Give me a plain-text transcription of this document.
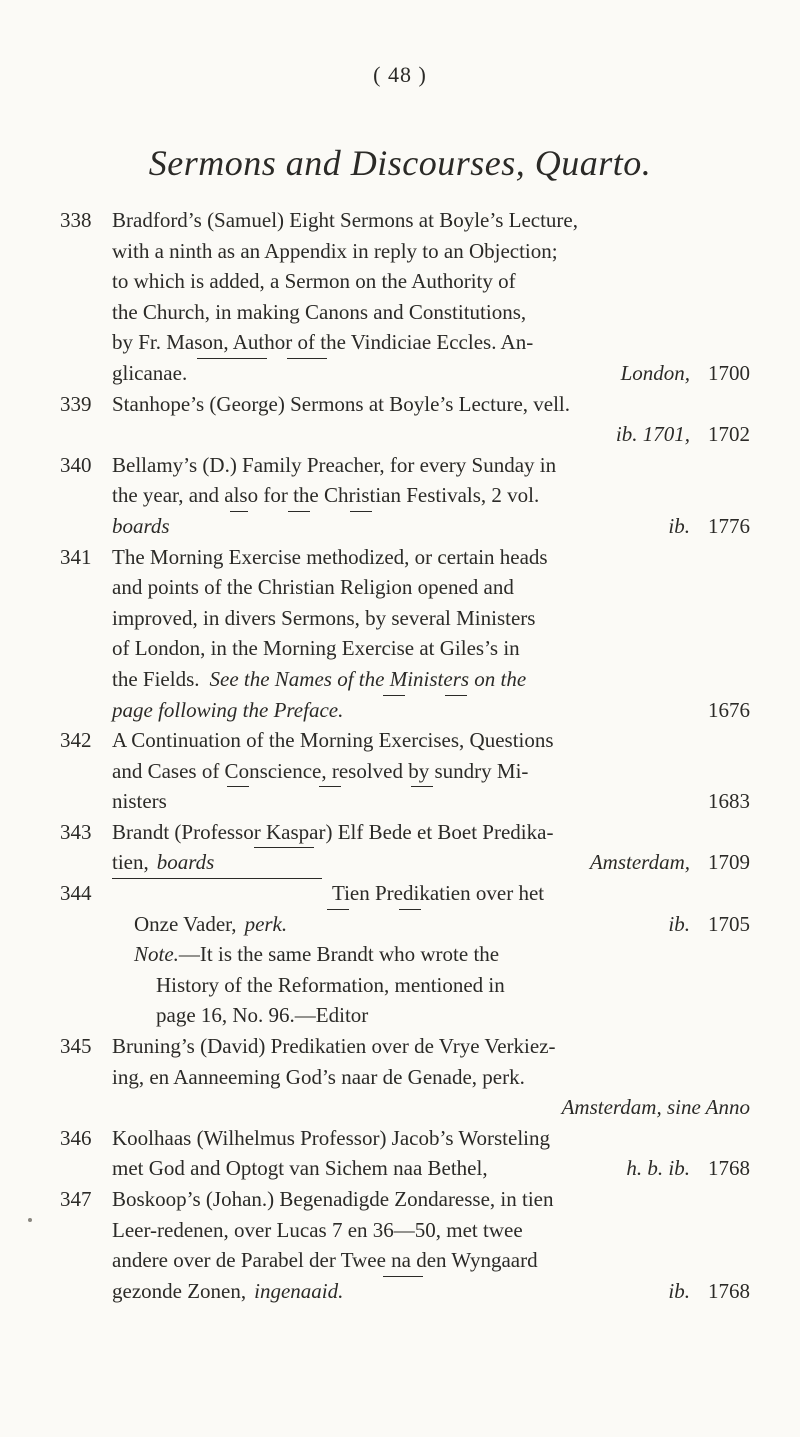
( 48 )
Sermons and Discourses, Quarto.
338 Bradford’s (Samuel) Eight Sermons at Boyle’s Lecture,
with a ninth as an Appendix in reply to an Objection;
to which is added, a Sermon on the Authority of
the Church, in making Canons and Constitutions,
by Fr. Mason, Author of the Vindiciae Eccles. An-
glicanae.	London, 1700
339 Stanhope’s (George) Sermons at Boyle’s Lecture, vell.
ib. 1701, 1702
340 Bellamy’s (D.) Family Preacher, for every Sunday in
the year, and also for the Christian Festivals, 2 vol.
boards	ib. 1776
341 The Morning Exercise methodized, or certain heads
and points of the Christian Religion opened and
improved, in divers Sermons, by several Ministers
of London, in the Morning Exercise at Giles’s in
the Fields. See the Names of the Ministers on the
page following the Preface.	1676
342 A Continuation of the Morning Exercises, Questions
and Cases of Conscience, resolved by sundry Mi-
nisters	1683
343 Brandt (Professor Kaspar) Elf Bede et Boet Predika-
tien, boards	Amsterdam, 1709
344	Tien Predikatien over het
Onze Vader, perk.	ib. 1705
Note. —It is the same Brandt who wrote the
History of the Reformation, mentioned in
page 16, No. 96.—Editor
345 Bruning’s (David) Predikatien over de Vrye Verkiez-
ing, en Aanneeming God’s naar de Genade, perk.
Amsterdam, sine Anno
346 Koolhaas (Wilhelmus Professor) Jacob’s Worsteling
met God and Optogt van Sichem naa Bethel,	h. b. ib. 1768
347 Boskoop’s (Johan.) Begenadigde Zondaresse, in tien
Leer-redenen, over Lucas 7 en 36—50, met twee
andere over de Parabel der Twee na den Wyngaard
gezonde Zonen, ingenaaid.	ib. 1768
